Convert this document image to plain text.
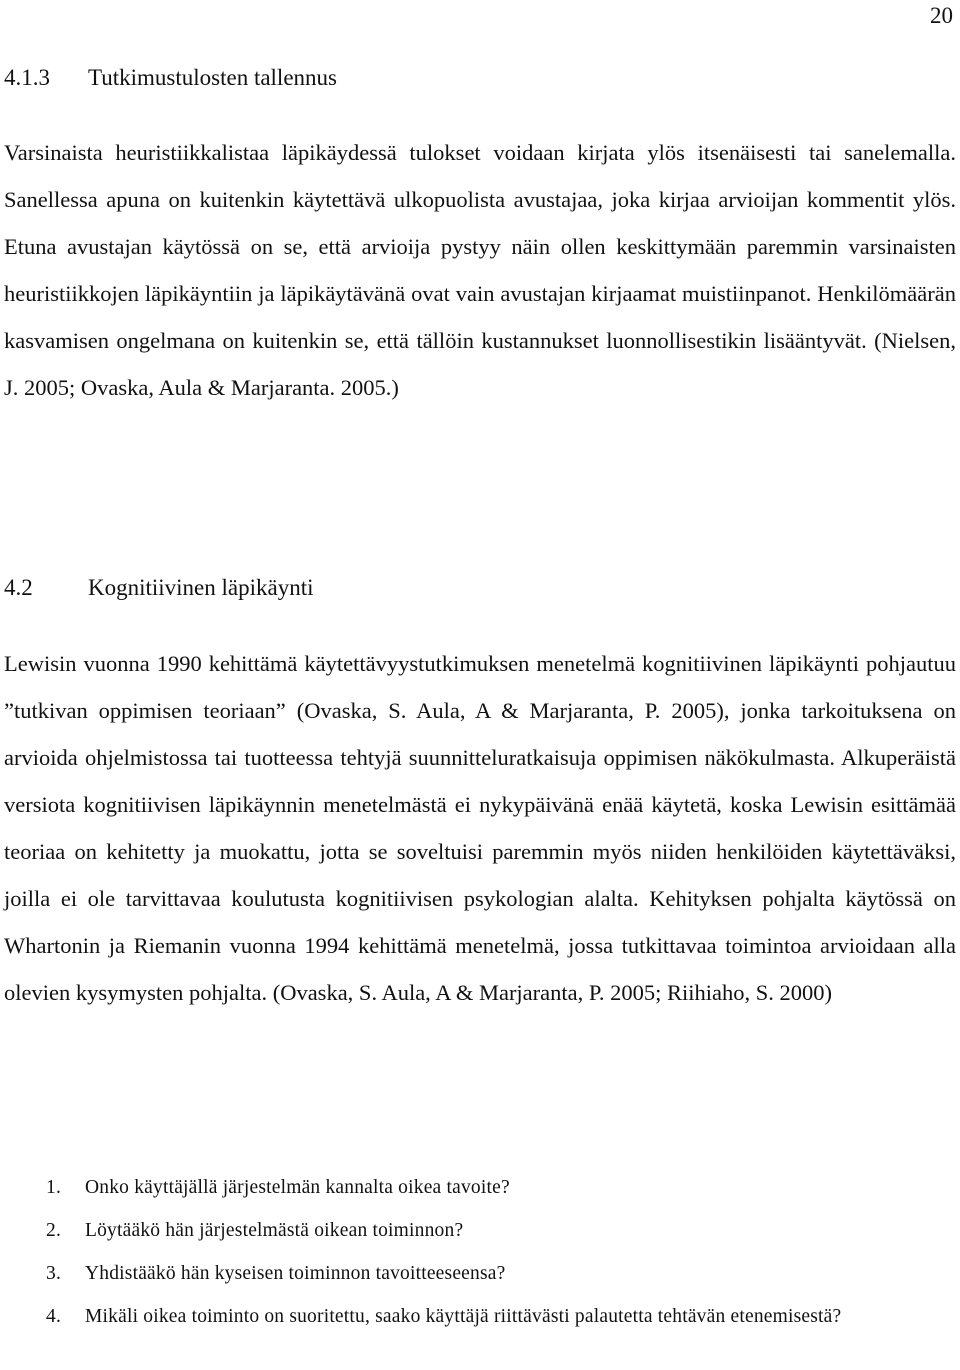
20
4.1.3 Tutkimustulosten tallennus

Varsinaista heuristiikkalistaa läpikäydessä tulokset voidaan kirjata ylös itsenäisesti tai sanelemalla. Sanellessa apuna on kuitenkin käytettävä ulkopuolista avustajaa, joka kirjaa arvioijan kommentit ylös. Etuna avustajan käytössä on se, että arvioija pystyy näin ollen keskittymään paremmin varsinaisten heuristiikkojen läpikäyntiin ja läpikäytävänä ovat vain avustajan kirjaamat muistiinpanot. Henkilömäärän kasvamisen ongelmana on kuitenkin se, että tällöin kustannukset luonnollisestikin lisääntyvät. (Nielsen, J. 2005; Ovaska, Aula & Marjaranta. 2005.)

4.2 Kognitiivinen läpikäynti

Lewisin vuonna 1990 kehittämä käytettävyystutkimuksen menetelmä kognitiivinen läpikäynti pohjautuu ”tutkivan oppimisen teoriaan” (Ovaska, S. Aula, A & Marjaranta, P. 2005), jonka tarkoituksena on arvioida ohjelmistossa tai tuotteessa tehtyjä suunnitteluratkaisuja oppimisen näkökulmasta. Alkuperäistä versiota kognitiivisen läpikäynnin menetelmästä ei nykypäivänä enää käytetä, koska Lewisin esittämää teoriaa on kehitetty ja muokattu, jotta se soveltuisi paremmin myös niiden henkilöiden käytettäväksi, joilla ei ole tarvittavaa koulutusta kognitiivisen psykologian alalta. Kehityksen pohjalta käytössä on Whartonin ja Riemanin vuonna 1994 kehittämä menetelmä, jossa tutkittavaa toimintoa arvioidaan alla olevien kysymysten pohjalta. (Ovaska, S. Aula, A & Marjaranta, P. 2005; Riihiaho, S. 2000)

1. Onko käyttäjällä järjestelmän kannalta oikea tavoite?
2. Löytääkö hän järjestelmästä oikean toiminnon?
3. Yhdistääkö hän kyseisen toiminnon tavoitteeseensa?
4. Mikäli oikea toiminto on suoritettu, saako käyttäjä riittävästi palautetta tehtävän etenemisestä?
